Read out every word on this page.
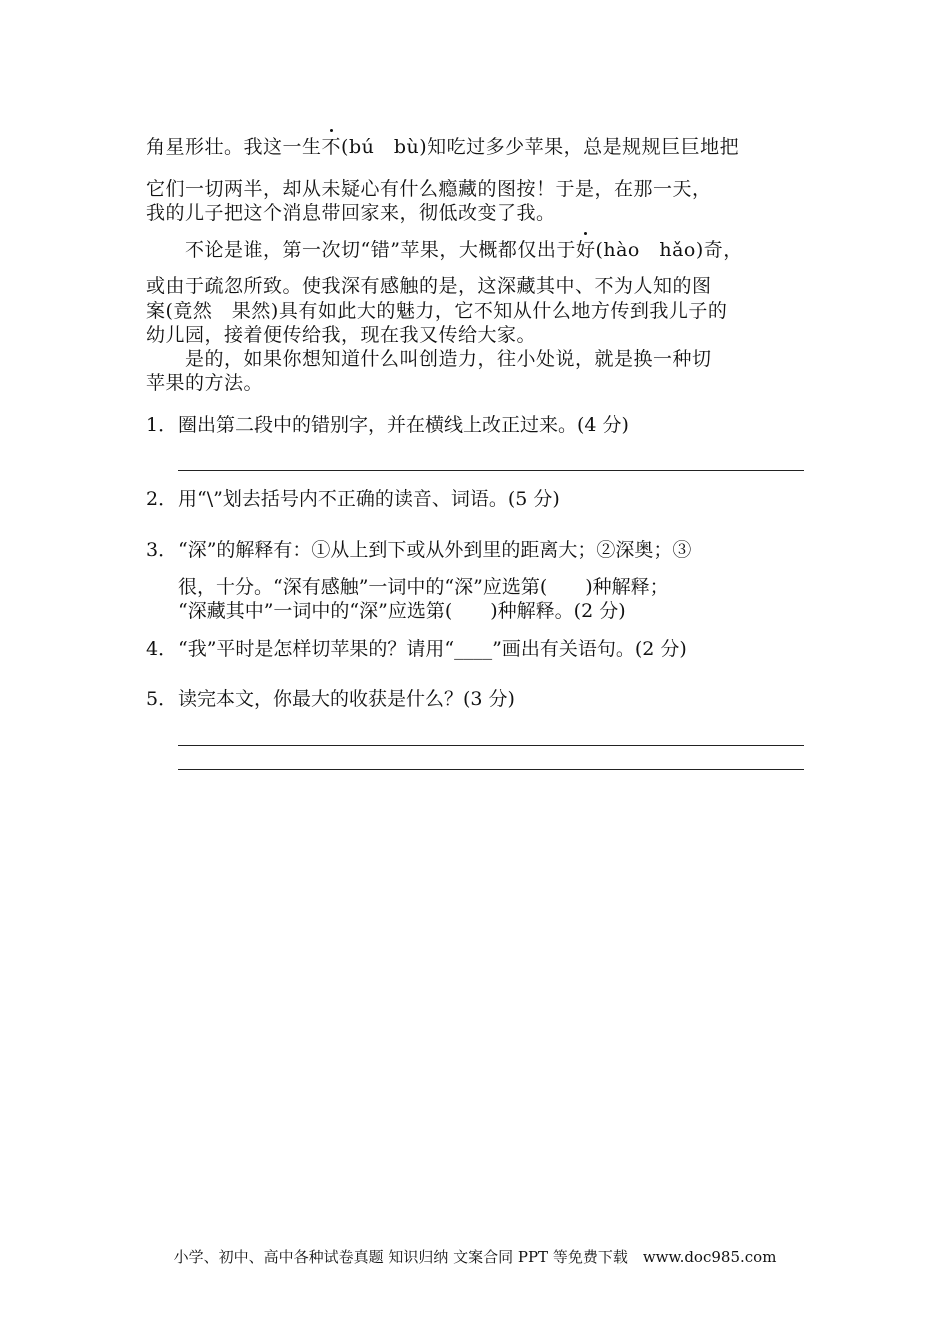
角星形壮。我这一生不(bú　bù)知吃过多少苹果，总是规规巨巨地把

它们一切两半，却从未疑心有什么瘾藏的图按！于是，在那一天，

我的儿子把这个消息带回家来，彻低改变了我。

　　不论是谁，第一次切“错”苹果，大概都仅出于好(hào　hǎo)奇，

或由于疏忽所致。使我深有感触的是，这深藏其中、不为人知的图

案(竟然　果然)具有如此大的魅力，它不知从什么地方传到我儿子的

幼儿园，接着便传给我，现在我又传给大家。

　　是的，如果你想知道什么叫创造力，往小处说，就是换一种切

苹果的方法。

1．圈出第二段中的错别字，并在横线上改正过来。(4 分)

2．用“\”划去括号内不正确的读音、词语。(5 分)

3．“深”的解释有：①从上到下或从外到里的距离大；②深奥；③

很，十分。“深有感触”一词中的“深”应选第(　　)种解释；

“深藏其中”一词中的“深”应选第(　　)种解释。(2 分)

4．“我”平时是怎样切苹果的？请用“____”画出有关语句。(2 分)

5．读完本文，你最大的收获是什么？(3 分)

小学、初中、高中各种试卷真题 知识归纳 文案合同 PPT 等免费下载　www.doc985.com
